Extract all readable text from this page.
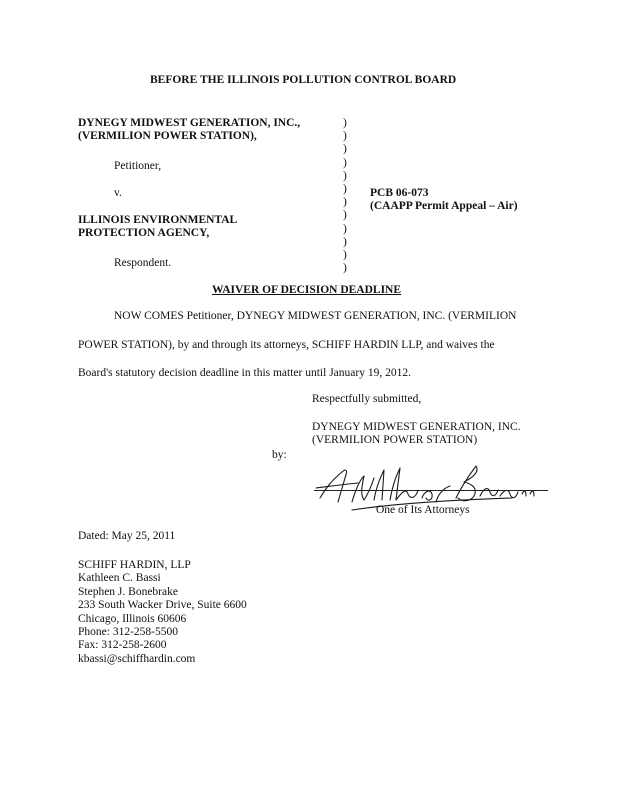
BEFORE THE ILLINOIS POLLUTION CONTROL BOARD
DYNEGY MIDWEST GENERATION, INC.,
(VERMILION POWER STATION),
Petitioner,
v.
ILLINOIS ENVIRONMENTAL
PROTECTION AGENCY,
Respondent.
)
)
)
)
)
)
)
)
)
)
)
)
PCB 06-073
(CAAPP Permit Appeal – Air)
WAIVER OF DECISION DEADLINE
NOW COMES Petitioner, DYNEGY MIDWEST GENERATION, INC. (VERMILION
POWER STATION), by and through its attorneys, SCHIFF HARDIN LLP, and waives the
Board's statutory decision deadline in this matter until January 19, 2012.
Respectfully submitted,
DYNEGY MIDWEST GENERATION, INC.
(VERMILION POWER STATION)
by:
One of Its Attorneys
Dated: May 25, 2011
SCHIFF HARDIN, LLP
Kathleen C. Bassi
Stephen J. Bonebrake
233 South Wacker Drive, Suite 6600
Chicago, Illinois 60606
Phone: 312-258-5500
Fax: 312-258-2600
kbassi@schiffhardin.com
